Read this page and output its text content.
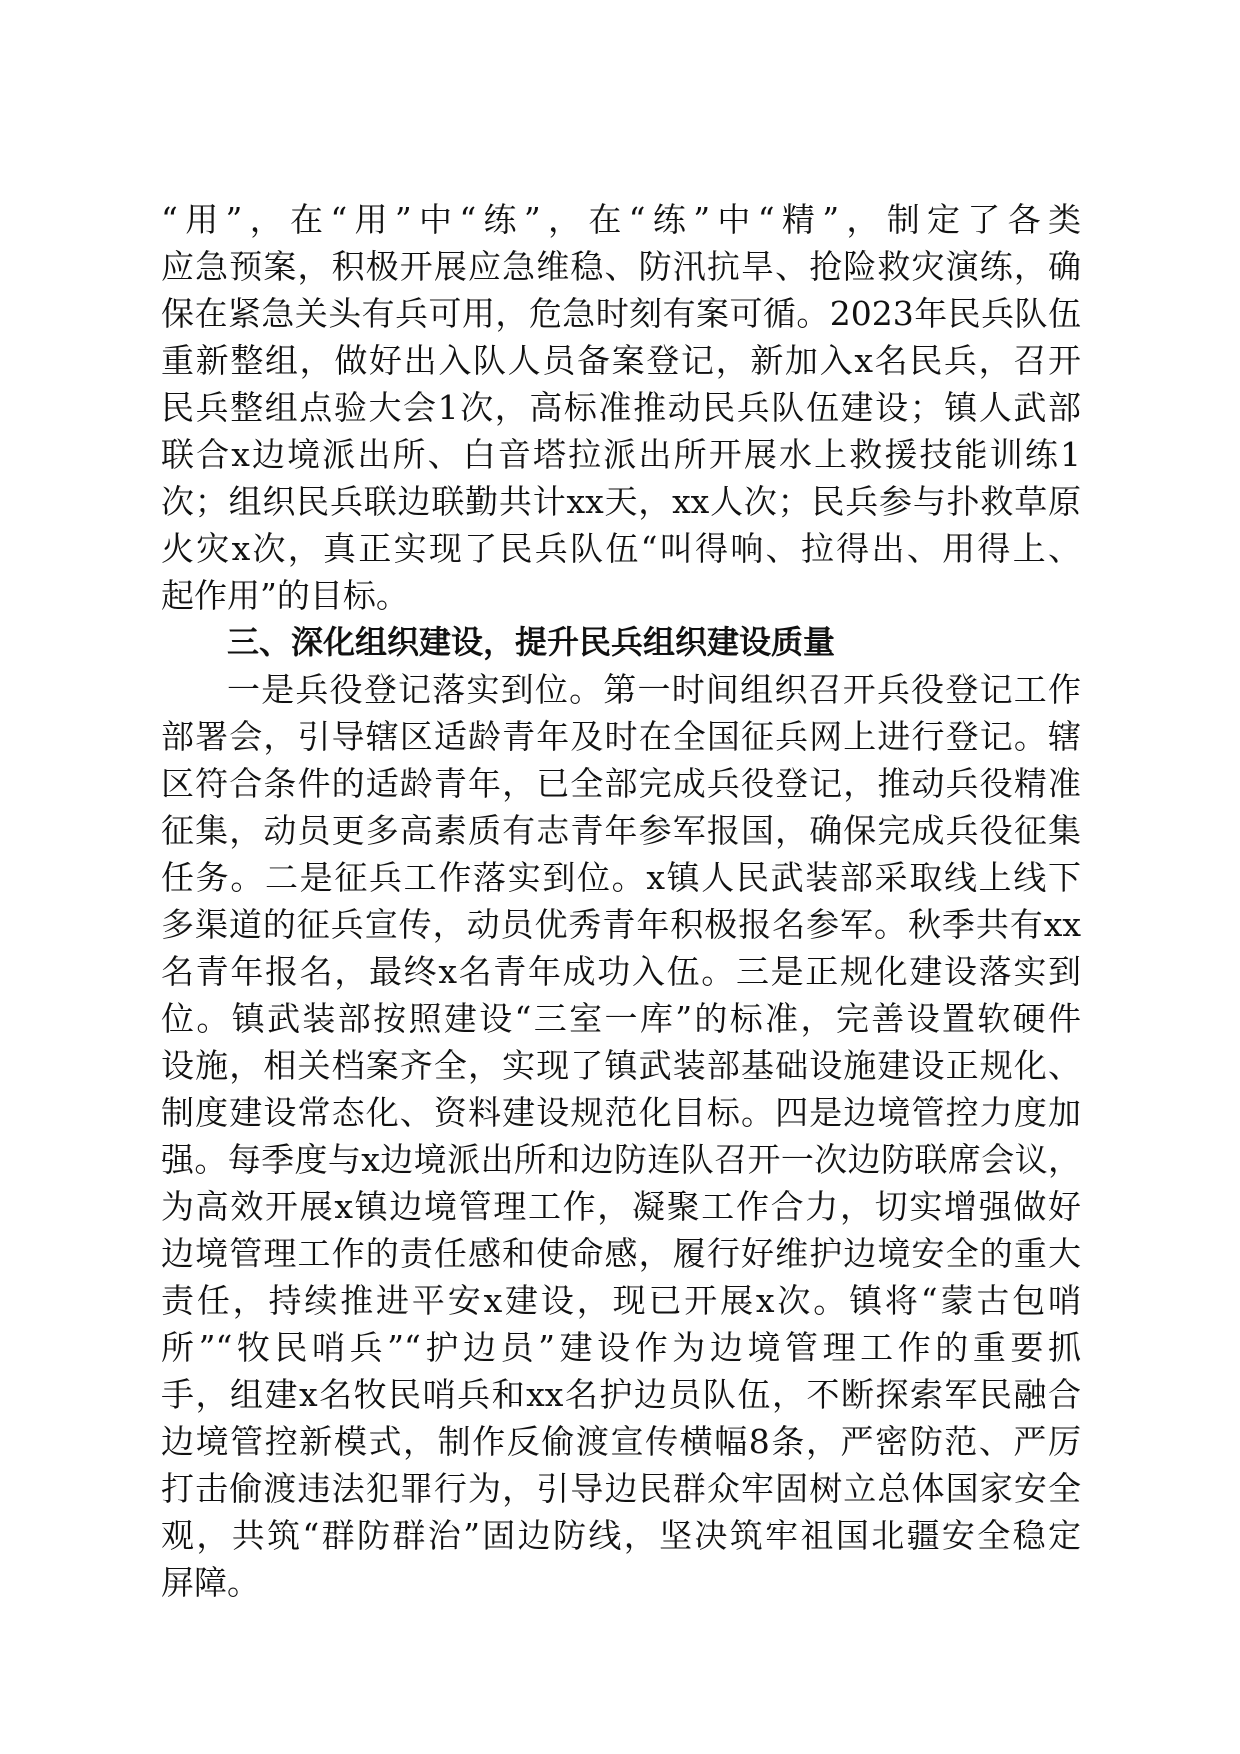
“用”，在“用”中“练”，在“练”中“精”，制定了各类
应急预案，积极开展应急维稳、防汛抗旱、抢险救灾演练，确
保在紧急关头有兵可用，危急时刻有案可循。2023年民兵队伍
重新整组，做好出入队人员备案登记，新加入x名民兵，召开
民兵整组点验大会1次，高标准推动民兵队伍建设；镇人武部
联合x边境派出所、白音塔拉派出所开展水上救援技能训练1
次；组织民兵联边联勤共计xx天，xx人次；民兵参与扑救草原
火灾x次，真正实现了民兵队伍“叫得响、拉得出、用得上、
起作用”的目标。
三、深化组织建设，提升民兵组织建设质量
一是兵役登记落实到位。第一时间组织召开兵役登记工作
部署会，引导辖区适龄青年及时在全国征兵网上进行登记。辖
区符合条件的适龄青年，已全部完成兵役登记，推动兵役精准
征集，动员更多高素质有志青年参军报国，确保完成兵役征集
任务。二是征兵工作落实到位。x镇人民武装部采取线上线下
多渠道的征兵宣传，动员优秀青年积极报名参军。秋季共有xx
名青年报名，最终x名青年成功入伍。三是正规化建设落实到
位。镇武装部按照建设“三室一库”的标准，完善设置软硬件
设施，相关档案齐全，实现了镇武装部基础设施建设正规化、
制度建设常态化、资料建设规范化目标。四是边境管控力度加
强。每季度与x边境派出所和边防连队召开一次边防联席会议，
为高效开展x镇边境管理工作，凝聚工作合力，切实增强做好
边境管理工作的责任感和使命感，履行好维护边境安全的重大
责任，持续推进平安x建设，现已开展x次。镇将“蒙古包哨
所”“牧民哨兵”“护边员”建设作为边境管理工作的重要抓
手，组建x名牧民哨兵和xx名护边员队伍，不断探索军民融合
边境管控新模式，制作反偷渡宣传横幅8条，严密防范、严厉
打击偷渡违法犯罪行为，引导边民群众牢固树立总体国家安全
观，共筑“群防群治”固边防线，坚决筑牢祖国北疆安全稳定
屏障。
